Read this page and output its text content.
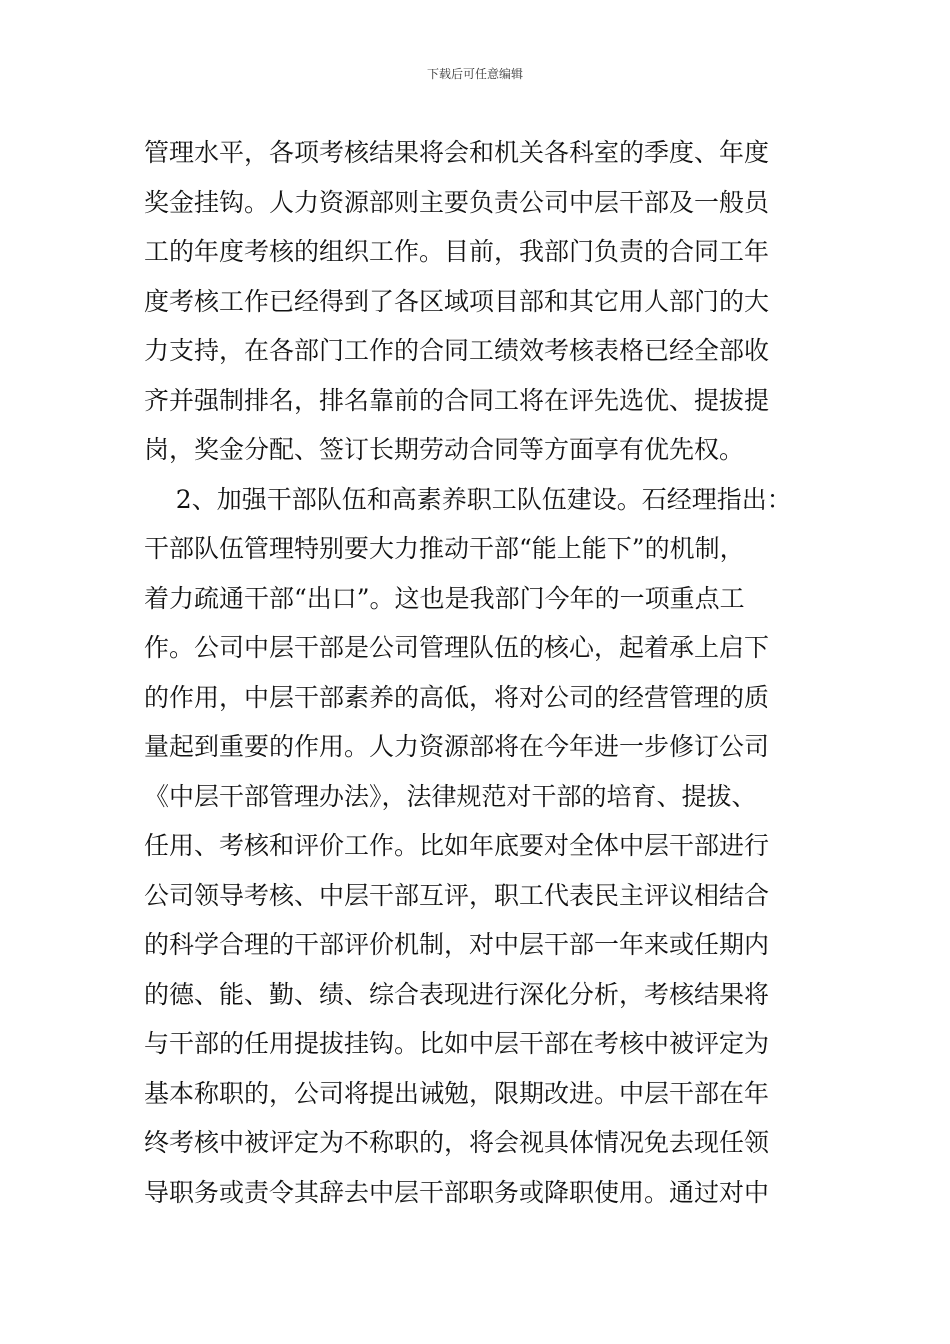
下载后可任意编辑
管理水平，各项考核结果将会和机关各科室的季度、年度
奖金挂钩。人力资源部则主要负责公司中层干部及一般员
工的年度考核的组织工作。目前，我部门负责的合同工年
度考核工作已经得到了各区域项目部和其它用人部门的大
力支持，在各部门工作的合同工绩效考核表格已经全部收
齐并强制排名，排名靠前的合同工将在评先选优、提拔提
岗，奖金分配、签订长期劳动合同等方面享有优先权。
2、加强干部队伍和高素养职工队伍建设。石经理指出：
干部队伍管理特别要大力推动干部“能上能下”的机制，
着力疏通干部“出口”。这也是我部门今年的一项重点工
作。公司中层干部是公司管理队伍的核心，起着承上启下
的作用，中层干部素养的高低，将对公司的经营管理的质
量起到重要的作用。人力资源部将在今年进一步修订公司
《中层干部管理办法》，法律规范对干部的培育、提拔、
任用、考核和评价工作。比如年底要对全体中层干部进行
公司领导考核、中层干部互评，职工代表民主评议相结合
的科学合理的干部评价机制，对中层干部一年来或任期内
的德、能、勤、绩、综合表现进行深化分析，考核结果将
与干部的任用提拔挂钩。比如中层干部在考核中被评定为
基本称职的，公司将提出诫勉，限期改进。中层干部在年
终考核中被评定为不称职的，将会视具体情况免去现任领
导职务或责令其辞去中层干部职务或降职使用。通过对中
